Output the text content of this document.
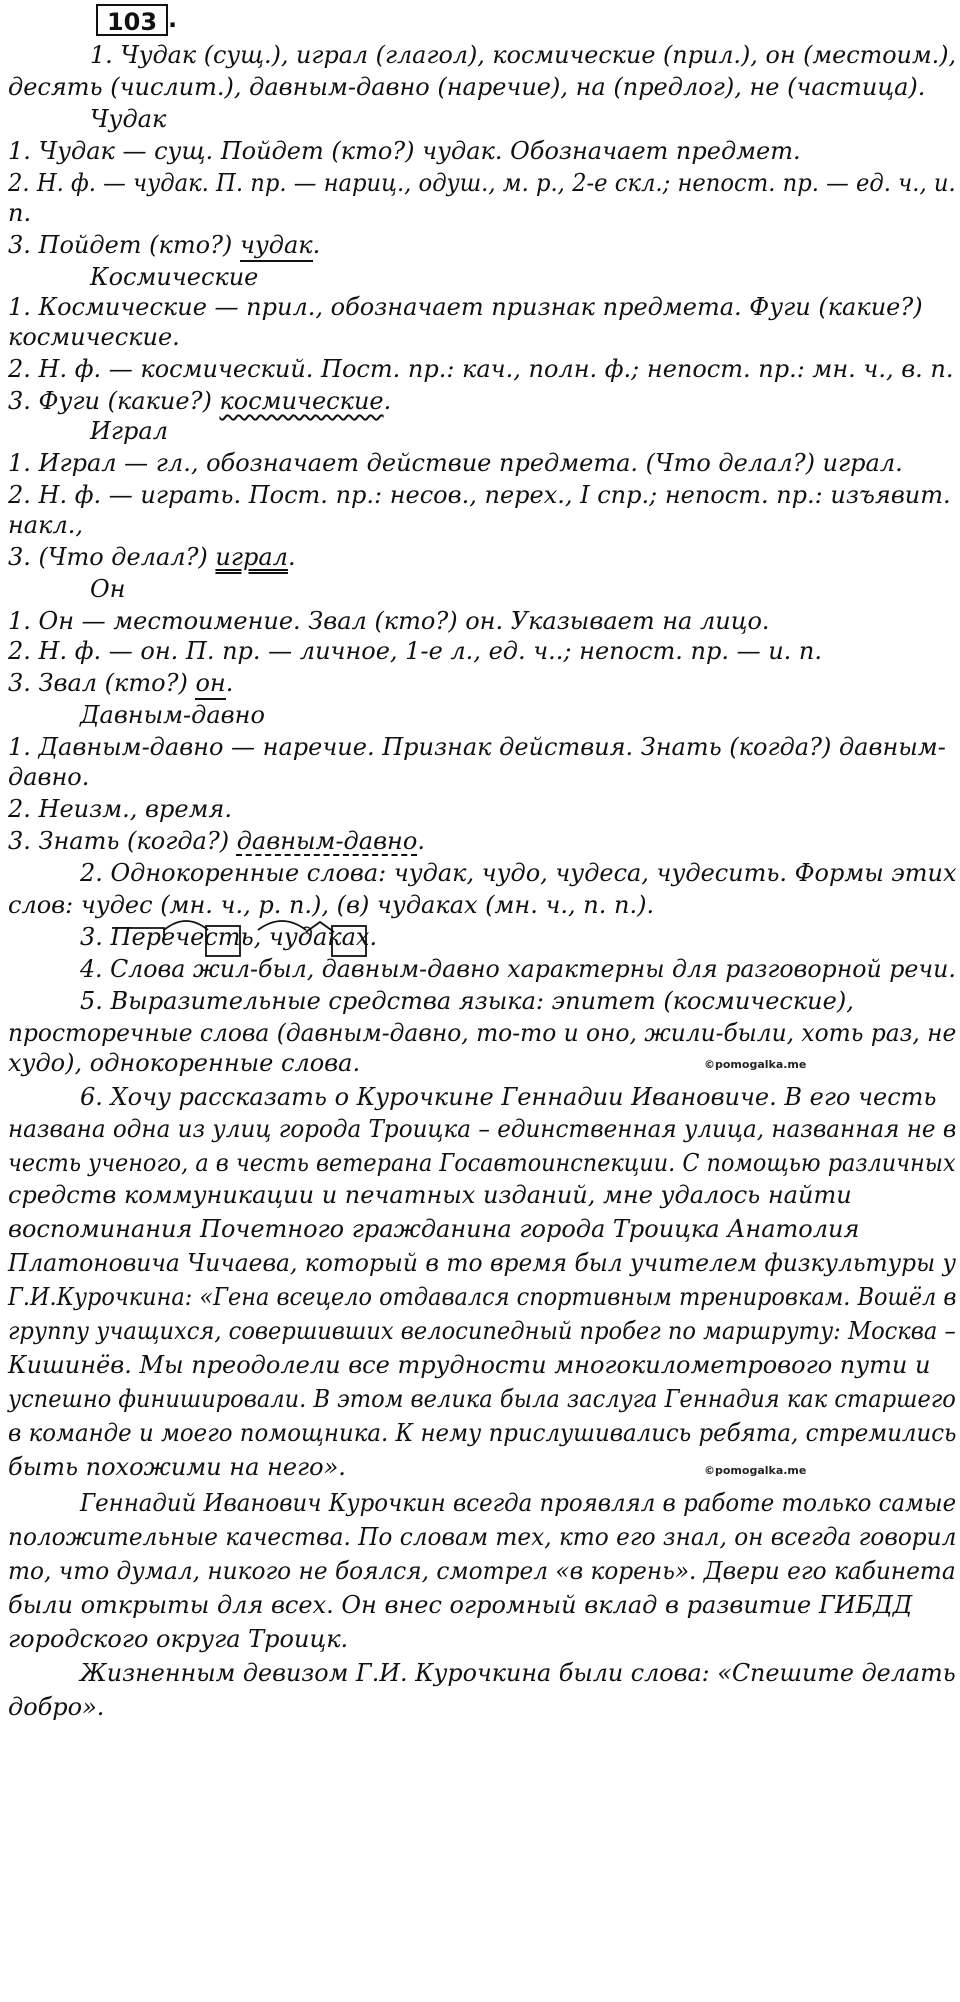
103 .
1. Чудак (сущ.), играл (глагол), космические (прил.), он (местоим.),
десять (числит.), давным-давно (наречие), на (предлог), не (частица).
Чудак
1. Чудак — сущ. Пойдет (кто?) чудак. Обозначает предмет.
2. Н. ф. — чудак. П. пр. — нариц., одуш., м. р., 2-е скл.; непост. пр. — ед. ч., и.
п.
3. Пойдет (кто?) чудак.
Космические
1. Космические — прил., обозначает признак предмета. Фуги (какие?)
космические.
2. Н. ф. — космический. Пост. пр.: кач., полн. ф.; непост. пр.: мн. ч., в. п.
3. Фуги (какие?) космические.
Играл
1. Играл — гл., обозначает действие предмета. (Что делал?) играл.
2. Н. ф. — играть. Пост. пр.: несов., перех., I спр.; непост. пр.: изъявит.
накл.,
3. (Что делал?) играл.
Он
1. Он — местоимение. Звал (кто?) он. Указывает на лицо.
2. Н. ф. — он. П. пр. — личное, 1-е л., ед. ч..; непост. пр. — и. п.
3. Звал (кто?) он.
Давным-давно
1. Давным-давно — наречие. Признак действия. Знать (когда?) давным-
давно.
2. Неизм., время.
3. Знать (когда?) давным-давно.
2. Однокоренные слова: чудак, чудо, чудеса, чудесить. Формы этих
слов: чудес (мн. ч., р. п.), (в) чудаках (мн. ч., п. п.).
3. Перечесть, чудаках.
4. Слова жил-был, давным-давно характерны для разговорной речи.
5. Выразительные средства языка: эпитет (космические),
просторечные слова (давным-давно, то-то и оно, жили-были, хоть раз, не
худо), однокоренные слова.	©pomogalka.me
6. Хочу рассказать о Курочкине Геннадии Ивановиче. В его честь
названа одна из улиц города Троицка – единственная улица, названная не в
честь ученого, а в честь ветерана Госавтоинспекции. С помощью различных
средств коммуникации и печатных изданий, мне удалось найти
воспоминания Почетного гражданина города Троицка Анатолия
Платоновича Чичаева, который в то время был учителем физкультуры у
Г.И.Курочкина: «Гена всецело отдавался спортивным тренировкам. Вошёл в
группу учащихся, совершивших велосипедный пробег по маршруту: Москва –
Кишинёв. Мы преодолели все трудности многокилометрового пути и
успешно финишировали. В этом велика была заслуга Геннадия как старшего
в команде и моего помощника. К нему прислушивались ребята, стремились
быть похожими на него».	©pomogalka.me
Геннадий Иванович Курочкин всегда проявлял в работе только самые
положительные качества. По словам тех, кто его знал, он всегда говорил
то, что думал, никого не боялся, смотрел «в корень». Двери его кабинета
были открыты для всех. Он внес огромный вклад в развитие ГИБДД
городского округа Троицк.
Жизненным девизом Г.И. Курочкина были слова: «Спешите делать
добро».
